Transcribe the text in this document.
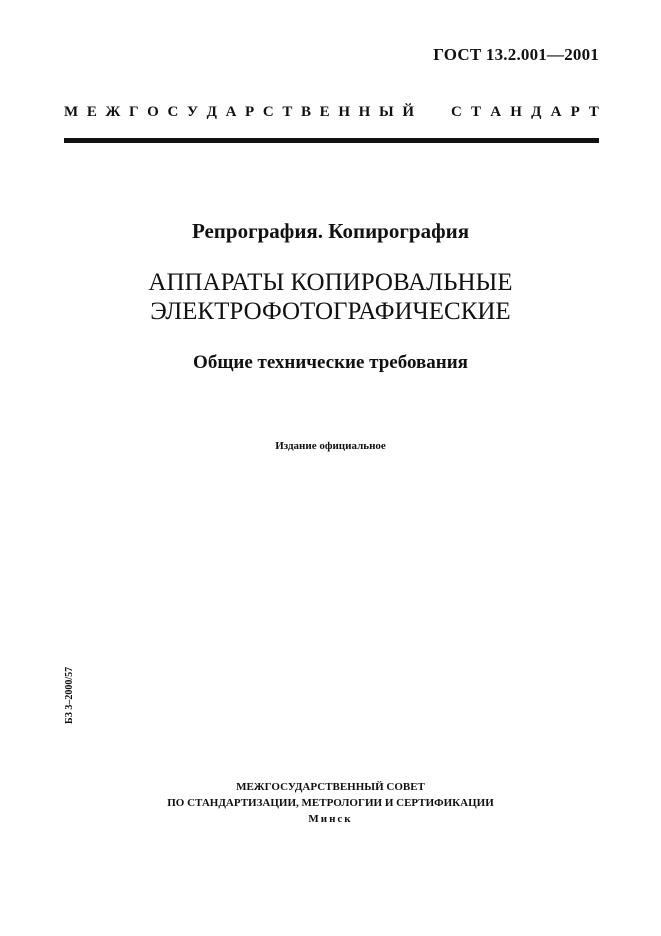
ГОСТ 13.2.001—2001
М Е Ж Г О С У Д А Р С Т В Е Н Н Ы Й С Т А Н Д А Р Т
Репрография. Копирография
АППАРАТЫ КОПИРОВАЛЬНЫЕ
ЭЛЕКТРОФОТОГРАФИЧЕСКИЕ
Общие технические требования
Издание официальное
БЗ 3–2000/57
МЕЖГОСУДАРСТВЕННЫЙ СОВЕТ
ПО СТАНДАРТИЗАЦИИ, МЕТРОЛОГИИ И СЕРТИФИКАЦИИ
Минск
